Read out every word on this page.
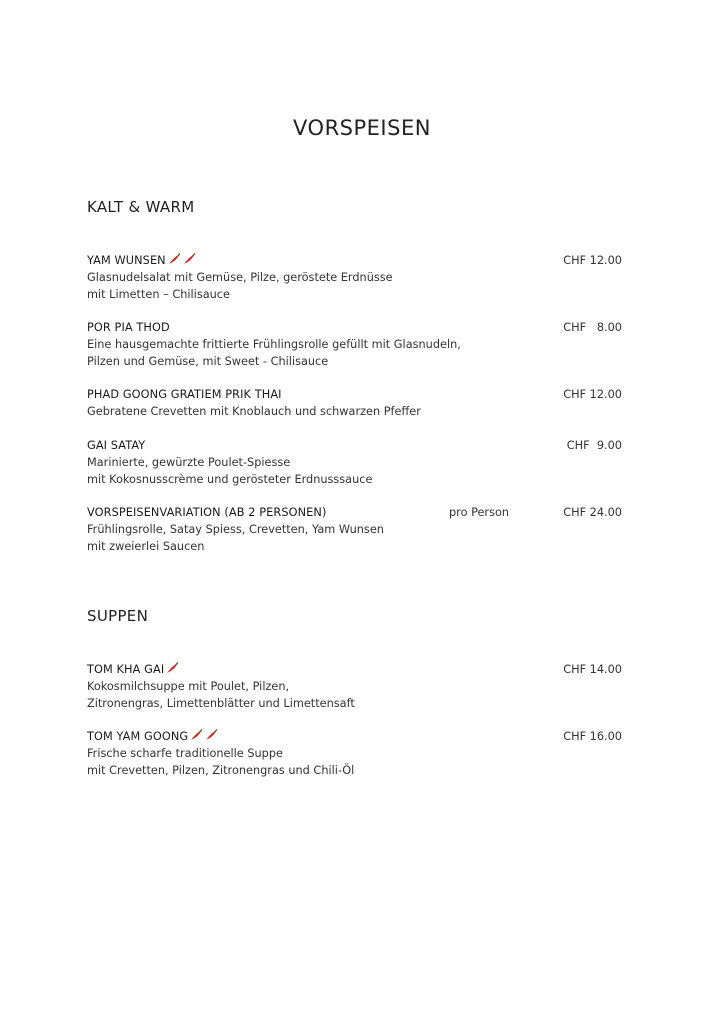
VORSPEISEN
KALT & WARM
YAM WUNSEN	CHF 12.00
Glasnudelsalat mit Gemüse, Pilze, geröstete Erdnüsse
mit Limetten – Chilisauce
POR PIA THOD	CHF   8.00
Eine hausgemachte frittierte Frühlingsrolle gefüllt mit Glasnudeln,
Pilzen und Gemüse, mit Sweet - Chilisauce
PHAD GOONG GRATIEM PRIK THAI	CHF 12.00
Gebratene Crevetten mit Knoblauch und schwarzen Pfeffer
GAI SATAY	CHF  9.00
Marinierte, gewürzte Poulet-Spiesse
mit Kokosnusscrème und gerösteter Erdnusssauce
VORSPEISENVARIATION (AB 2 PERSONEN)	pro Person	CHF 24.00
Frühlingsrolle, Satay Spiess, Crevetten, Yam Wunsen
mit zweierlei Saucen
SUPPEN
TOM KHA GAI	CHF 14.00
Kokosmilchsuppe mit Poulet, Pilzen,
Zitronengras, Limettenblätter und Limettensaft
TOM YAM GOONG	CHF 16.00
Frische scharfe traditionelle Suppe
mit Crevetten, Pilzen, Zitronengras und Chili-Öl
